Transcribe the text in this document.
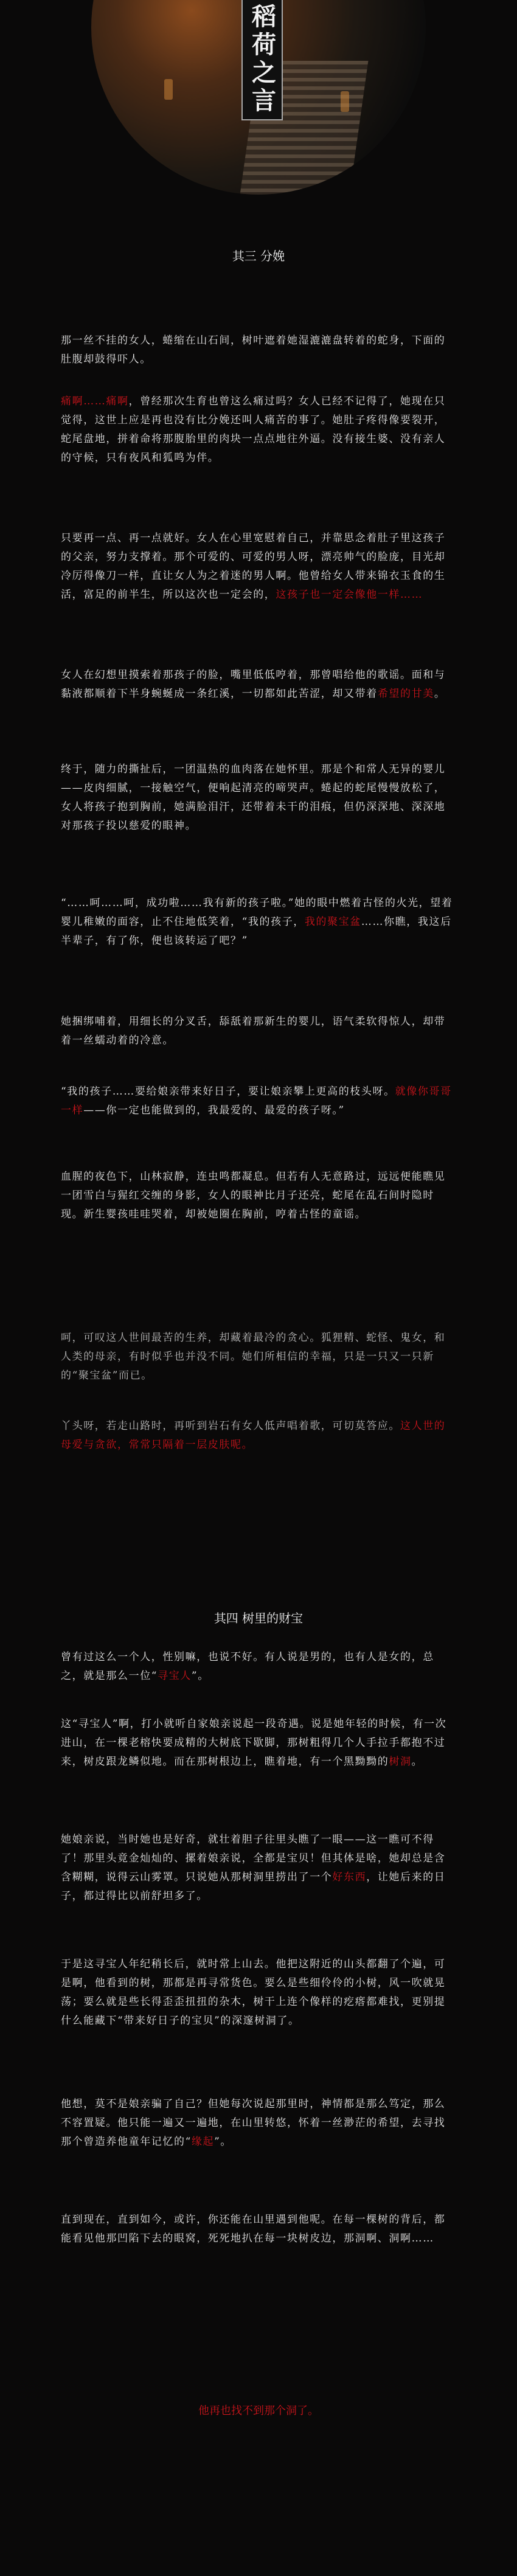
稻荷之言
其三 分娩
那一丝不挂的女人，蜷缩在山石间，树叶遮着她湿漉漉盘转着的蛇身，下面的肚腹却鼓得吓人。
痛啊……痛啊，曾经那次生育也曾这么痛过吗？女人已经不记得了，她现在只觉得，这世上应是再也没有比分娩还叫人痛苦的事了。她肚子疼得像要裂开，蛇尾盘地，拼着命将那腹胎里的肉块一点点地往外逼。没有接生婆、没有亲人的守候，只有夜风和狐鸣为伴。
只要再一点、再一点就好。女人在心里宽慰着自己，并靠思念着肚子里这孩子的父亲，努力支撑着。那个可爱的、可爱的男人呀，漂亮帅气的脸庞，目光却冷厉得像刀一样，直让女人为之着迷的男人啊。他曾给女人带来锦衣玉食的生活，富足的前半生，所以这次也一定会的，这孩子也一定会像他一样……
女人在幻想里摸索着那孩子的脸，嘴里低低哼着，那曾唱给他的歌谣。面和与黏液都顺着下半身蜿蜒成一条红溪，一切都如此苦涩，却又带着希望的甘美。
终于，随力的撕扯后，一团温热的血肉落在她怀里。那是个和常人无异的婴儿——皮肉细腻，一接触空气，便响起清亮的啼哭声。蜷起的蛇尾慢慢放松了，女人将孩子抱到胸前，她满脸泪汗，还带着未干的泪痕，但仍深深地、深深地对那孩子投以慈爱的眼神。
“……呵……呵，成功啦……我有新的孩子啦。”她的眼中燃着古怪的火光，望着婴儿稚嫩的面容，止不住地低笑着，“我的孩子，我的聚宝盆……你瞧，我这后半辈子，有了你，便也该转运了吧？”
她捆绑哺着，用细长的分叉舌，舔舐着那新生的婴儿，语气柔软得惊人，却带着一丝蠕动着的冷意。
“我的孩子……要给娘亲带来好日子，要让娘亲攀上更高的枝头呀。就像你哥哥一样——你一定也能做到的，我最爱的、最爱的孩子呀。”
血腥的夜色下，山林寂静，连虫鸣都凝息。但若有人无意路过，远远便能瞧见一团雪白与猩红交缠的身影，女人的眼神比月子还亮，蛇尾在乱石间时隐时现。新生婴孩哇哇哭着，却被她圈在胸前，哼着古怪的童谣。
呵，可叹这人世间最苦的生养，却藏着最冷的贪心。狐狸精、蛇怪、鬼女，和人类的母亲，有时似乎也并没不同。她们所相信的幸福，只是一只又一只新的“聚宝盆”而已。
丫头呀，若走山路时，再听到岩石有女人低声唱着歌，可切莫答应。这人世的母爱与贪欲，常常只隔着一层皮肤呢。
其四 树里的财宝
曾有过这么一个人，性别嘛，也说不好。有人说是男的，也有人是女的，总之，就是那么一位“寻宝人”。
这“寻宝人”啊，打小就听自家娘亲说起一段奇遇。说是她年轻的时候，有一次进山，在一棵老榕快要成精的大树底下歇脚，那树粗得几个人手拉手都抱不过来，树皮跟龙鳞似地。而在那树根边上，瞧着地，有一个黑黝黝的树洞。
她娘亲说，当时她也是好奇，就壮着胆子往里头瞧了一眼——这一瞧可不得了！那里头竟金灿灿的、摞着娘亲说，全都是宝贝！但其体是啥，她却总是含含糊糊，说得云山雾罩。只说她从那树洞里捞出了一个好东西，让她后来的日子，都过得比以前舒坦多了。
于是这寻宝人年纪稍长后，就时常上山去。他把这附近的山头都翻了个遍，可是啊，他看到的树，那都是再寻常货色。要么是些细伶伶的小树，风一吹就晃荡；要么就是些长得歪歪扭扭的杂木，树干上连个像样的疙瘩都难找，更别提什么能藏下“带来好日子的宝贝”的深邃树洞了。
他想，莫不是娘亲骗了自己？但她每次说起那里时，神情都是那么笃定，那么不容置疑。他只能一遍又一遍地，在山里转悠，怀着一丝渺茫的希望，去寻找那个曾造养他童年记忆的“缘起”。
直到现在，直到如今，或许，你还能在山里遇到他呢。在每一棵树的背后，都能看见他那凹陷下去的眼窝，死死地扒在每一块树皮边，那洞啊、洞啊……
他再也找不到那个洞了。
